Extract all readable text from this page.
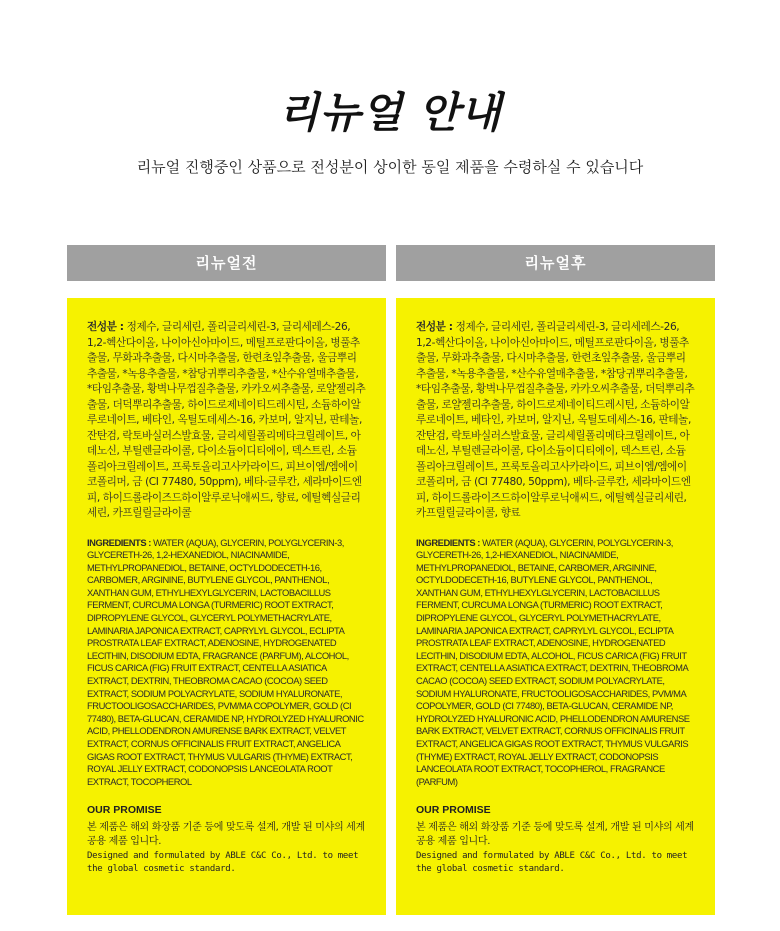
리뉴얼 안내
리뉴얼 진행중인 상품으로 전성분이 상이한 동일 제품을 수령하실 수 있습니다
리뉴얼전	리뉴얼후
전성분 : 정제수, 글리세린, 폴리글리세린-3, 글리세레스-26, 1,2-헥산다이올, 나이아신아마이드, 메틸프로판다이올, 병풀추출물, 무화과추출물, 다시마추출물, 한련초잎추출물, 울금뿌리추출물, *녹용추출물, *참당귀뿌리추출물, *산수유열매추출물, *타임추출물, 황벽나무껍질추출물, 카카오씨추출물, 로얄젤리추출물, 더덕뿌리추출물, 하이드로제네이티드레시틴, 소듐하이알루로네이트, 베타인, 옥틸도데세스-16, 카보머, 알지닌, 판테놀, 잔탄검, 락토바실러스발효물, 글리세릴폴리메타크릴레이트, 아데노신, 부틸렌글라이콜, 다이소듐이디티에이, 덱스트린, 소듐폴리아크릴레이트, 프룩토올리고사카라이드, 피브이엠/엠에이코폴리머, 금 (CI 77480, 50ppm), 베타-글루칸, 세라마이드엔피, 하이드롤라이즈드하이알루로닉애씨드, 향료, 에틸헥실글리세린, 카프릴릴글라이콜
INGREDIENTS : WATER (AQUA), GLYCERIN, POLYGLYCERIN-3, GLYCERETH-26, 1,2-HEXANEDIOL, NIACINAMIDE, METHYLPROPANEDIOL, BETAINE, OCTYLDODECETH-16, CARBOMER, ARGININE, BUTYLENE GLYCOL, PANTHENOL, XANTHAN GUM, ETHYLHEXYLGLYCERIN, LACTOBACILLUS FERMENT, CURCUMA LONGA (TURMERIC) ROOT EXTRACT, DIPROPYLENE GLYCOL, GLYCERYL POLYMETHACRYLATE, LAMINARIA JAPONICA EXTRACT, CAPRYLYL GLYCOL, ECLIPTA PROSTRATA LEAF EXTRACT, ADENOSINE, HYDROGENATED LECITHIN, DISODIUM EDTA, FRAGRANCE (PARFUM), ALCOHOL, FICUS CARICA (FIG) FRUIT EXTRACT, CENTELLA ASIATICA EXTRACT, DEXTRIN, THEOBROMA CACAO (COCOA) SEED EXTRACT, SODIUM POLYACRYLATE, SODIUM HYALURONATE, FRUCTOOLIGOSACCHARIDES, PVM/MA COPOLYMER, GOLD (CI 77480), BETA-GLUCAN, CERAMIDE NP, HYDROLYZED HYALURONIC ACID, PHELLODENDRON AMURENSE BARK EXTRACT, VELVET EXTRACT, CORNUS OFFICINALIS FRUIT EXTRACT, ANGELICA GIGAS ROOT EXTRACT, THYMUS VULGARIS (THYME) EXTRACT, ROYAL JELLY EXTRACT, CODONOPSIS LANCEOLATA ROOT EXTRACT, TOCOPHEROL
OUR PROMISE
본 제품은 해외 화장품 기준 등에 맞도록 설계, 개발 된 미샤의 세계 공용 제품 입니다.
Designed and formulated by ABLE C&C Co., Ltd. to meet the global cosmetic standard.
전성분 : 정제수, 글리세린, 폴리글리세린-3, 글리세레스-26, 1,2-헥산다이올, 나이아신아마이드, 메틸프로판다이올, 병풀추출물, 무화과추출물, 다시마추출물, 한련초잎추출물, 울금뿌리추출물, *녹용추출물, *산수유열매추출물, *참당귀뿌리추출물, *타임추출물, 황벽나무껍질추출물, 카카오씨추출물, 더덕뿌리추출물, 로얄젤리추출물, 하이드로제네이티드레시틴, 소듐하이알루로네이트, 베타인, 카보머, 알지닌, 옥틸도데세스-16, 판테놀, 잔탄검, 락토바실러스발효물, 글리세릴폴리메타크릴레이트, 아데노신, 부틸렌글라이콜, 다이소듐이디티에이, 덱스트린, 소듐폴리아크릴레이트, 프룩토올리고사카라이드, 피브이엠/엠에이코폴리머, 금 (CI 77480, 50ppm), 베타-글루칸, 세라마이드엔피, 하이드롤라이즈드하이알루로닉애씨드, 에틸헥실글리세린, 카프릴릴글라이콜, 향료
INGREDIENTS : WATER (AQUA), GLYCERIN, POLYGLYCERIN-3, GLYCERETH-26, 1,2-HEXANEDIOL, NIACINAMIDE, METHYLPROPANEDIOL, BETAINE, CARBOMER, ARGININE, OCTYLDODECETH-16, BUTYLENE GLYCOL, PANTHENOL, XANTHAN GUM, ETHYLHEXYLGLYCERIN, LACTOBACILLUS FERMENT, CURCUMA LONGA (TURMERIC) ROOT EXTRACT, DIPROPYLENE GLYCOL, GLYCERYL POLYMETHACRYLATE, LAMINARIA JAPONICA EXTRACT, CAPRYLYL GLYCOL, ECLIPTA PROSTRATA LEAF EXTRACT, ADENOSINE, HYDROGENATED LECITHIN, DISODIUM EDTA, ALCOHOL, FICUS CARICA (FIG) FRUIT EXTRACT, CENTELLA ASIATICA EXTRACT, DEXTRIN, THEOBROMA CACAO (COCOA) SEED EXTRACT, SODIUM POLYACRYLATE, SODIUM HYALURONATE, FRUCTOOLIGOSACCHARIDES, PVM/MA COPOLYMER, GOLD (CI 77480), BETA-GLUCAN, CERAMIDE NP, HYDROLYZED HYALURONIC ACID, PHELLODENDRON AMURENSE BARK EXTRACT, VELVET EXTRACT, CORNUS OFFICINALIS FRUIT EXTRACT, ANGELICA GIGAS ROOT EXTRACT, THYMUS VULGARIS (THYME) EXTRACT, ROYAL JELLY EXTRACT, CODONOPSIS LANCEOLATA ROOT EXTRACT, TOCOPHEROL, FRAGRANCE (PARFUM)
OUR PROMISE
본 제품은 해외 화장품 기준 등에 맞도록 설계, 개발 된 미샤의 세계 공용 제품 입니다.
Designed and formulated by ABLE C&C Co., Ltd. to meet the global cosmetic standard.
